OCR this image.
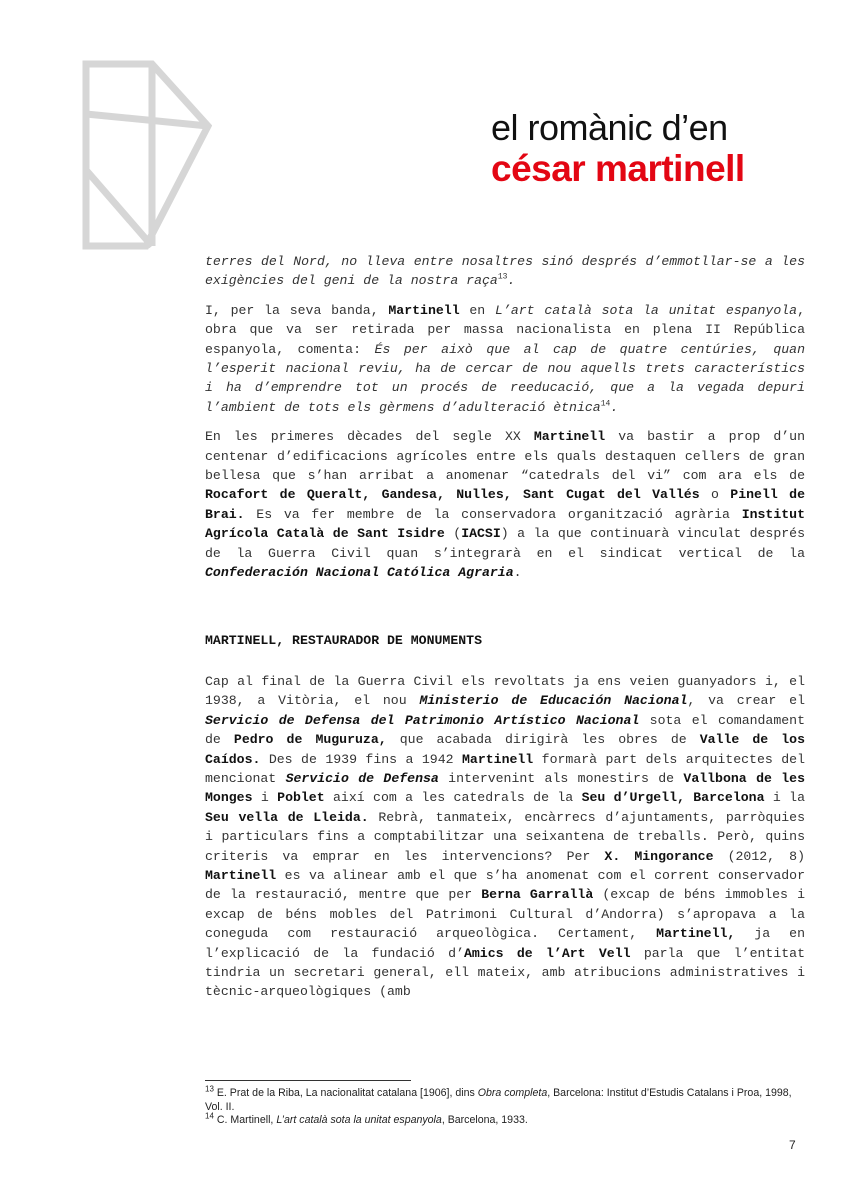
el romànic d’en
césar martinell

terres del Nord, no lleva entre nosaltres sinó després d’emmotllar-se a les exigències del geni de la nostra raça$^{13}$.

I, per la seva banda, Martinell en L’art català sota la unitat espanyola, obra que va ser retirada per massa nacionalista en plena II República espanyola, comenta: És per això que al cap de quatre centúries, quan l’esperit nacional reviu, ha de cercar de nou aquells trets característics i ha d’emprendre tot un procés de reeducació, que a la vegada depuri l’ambient de tots els gèrmens d’adulteració ètnica$^{14}$.

En les primeres dècades del segle XX Martinell va bastir a prop d’un centenar d’edificacions agrícoles entre els quals destaquen cellers de gran bellesa que s’han arribat a anomenar “catedrals del vi” com ara els de Rocafort de Queralt, Gandesa, Nulles, Sant Cugat del Vallés o Pinell de Brai. Es va fer membre de la conservadora organització agrària Institut Agrícola Català de Sant Isidre (IACSI) a la que continuarà vinculat després de la Guerra Civil quan s’integrarà en el sindicat vertical de la Confederación Nacional Católica Agraria.

MARTINELL, RESTAURADOR DE MONUMENTS

Cap al final de la Guerra Civil els revoltats ja ens veien guanyadors i, el 1938, a Vitòria, el nou Ministerio de Educación Nacional, va crear el Servicio de Defensa del Patrimonio Artístico Nacional sota el comandament de Pedro de Muguruza, que acabada dirigirà les obres de Valle de los Caídos. Des de 1939 fins a 1942 Martinell formarà part dels arquitectes del mencionat Servicio de Defensa intervenint als monestirs de Vallbona de les Monges i Poblet així com a les catedrals de la Seu d’Urgell, Barcelona i la Seu vella de Lleida. Rebrà, tanmateix, encàrrecs d’ajuntaments, parròquies i particulars fins a comptabilitzar una seixantena de treballs. Però, quins criteris va emprar en les intervencions? Per X. Mingorance (2012, 8) Martinell es va alinear amb el que s’ha anomenat com el corrent conservador de la restauració, mentre que per Berna Garrallà (excap de béns immobles i excap de béns mobles del Patrimoni Cultural d’Andorra) s’apropava a la coneguda com restauració arqueològica. Certament, Martinell, ja en l’explicació de la fundació d’Amics de l’Art Vell parla que l’entitat tindria un secretari general, ell mateix, amb atribucions administratives i tècnic-arqueològiques (amb

$^{13}$ E. Prat de la Riba, La nacionalitat catalana [1906], dins Obra completa, Barcelona: Institut d’Estudis Catalans i Proa, 1998, Vol. II.

$^{14}$ C. Martinell, L’art català sota la unitat espanyola, Barcelona, 1933.

7
